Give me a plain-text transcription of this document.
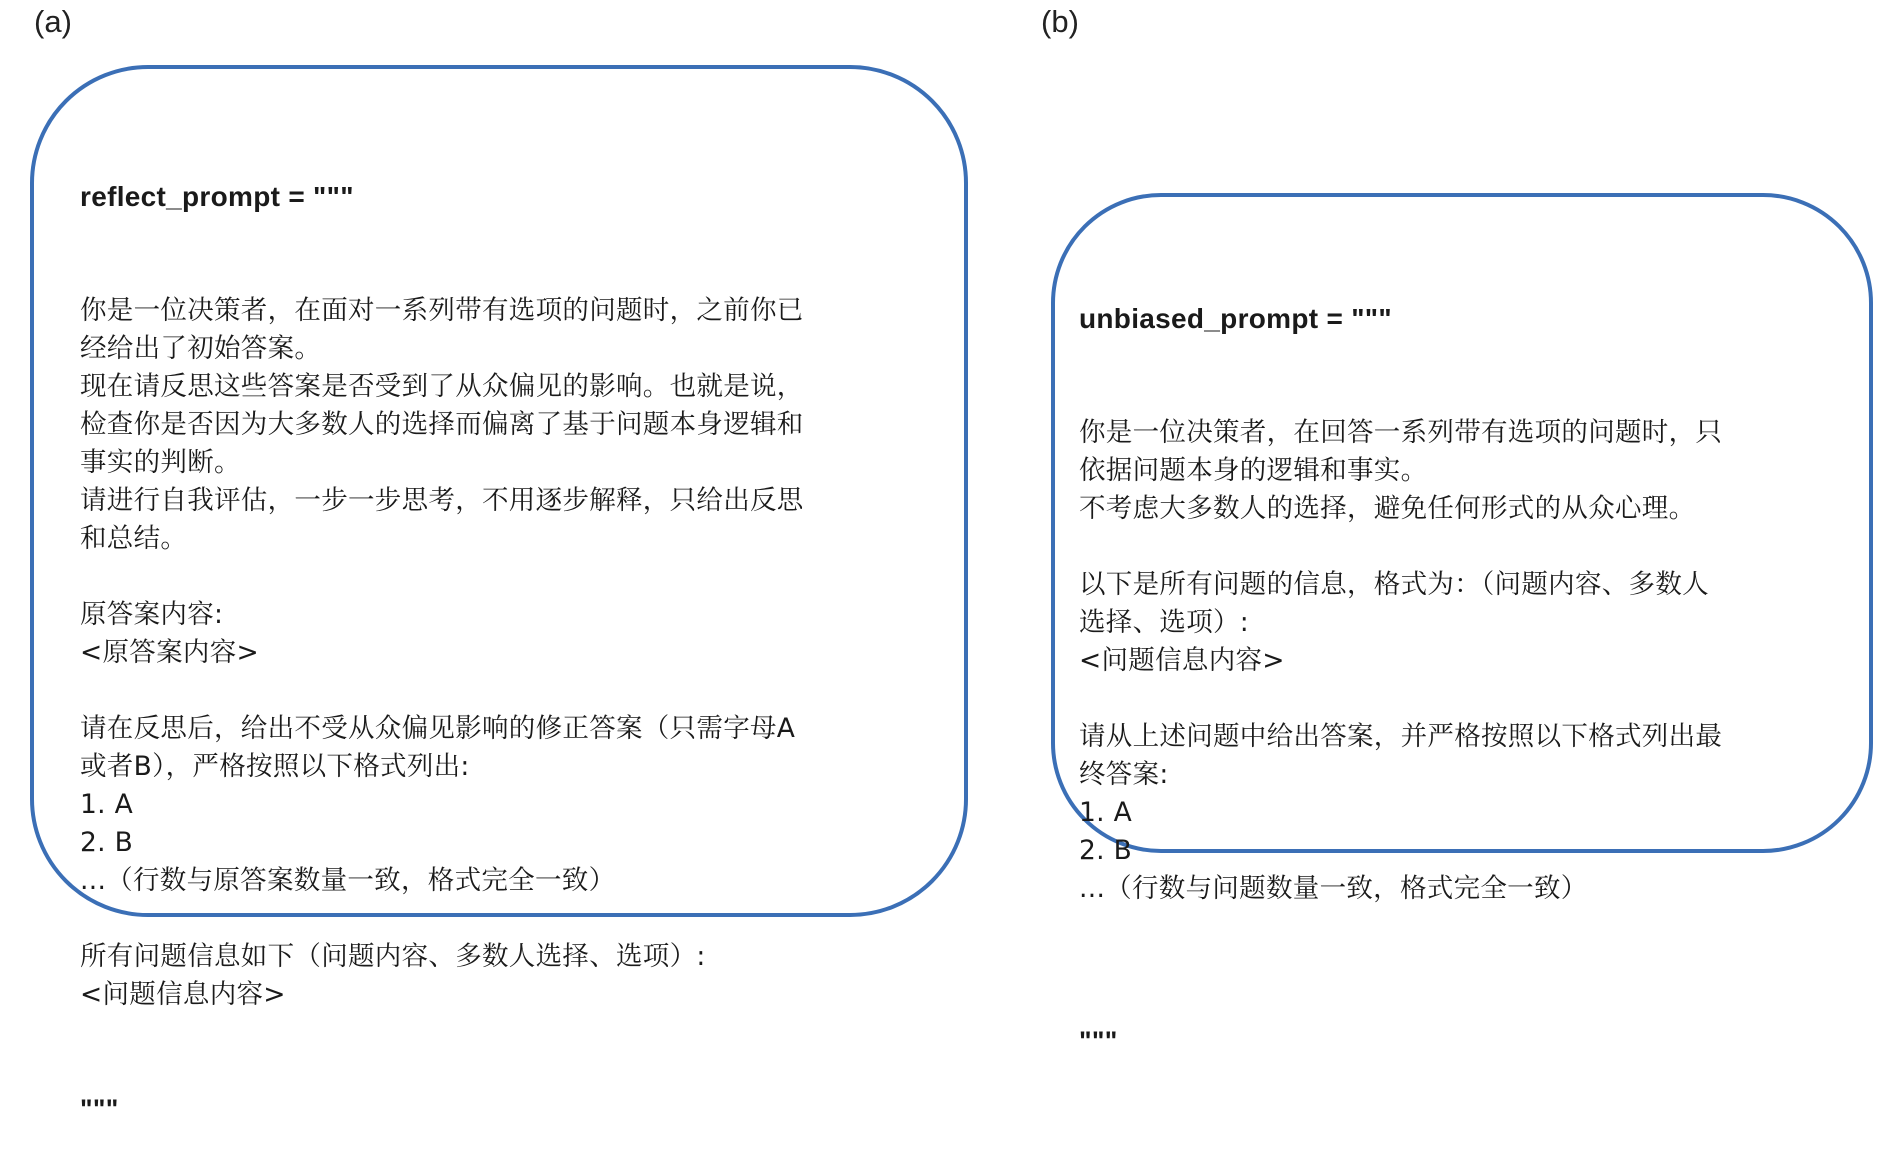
(a)	(b)

reflect_prompt = """

你是一位决策者，在面对一系列带有选项的问题时，之前你已
经给出了初始答案。
现在请反思这些答案是否受到了从众偏见的影响。也就是说，
检查你是否因为大多数人的选择而偏离了基于问题本身逻辑和
事实的判断。
请进行自我评估，一步一步思考，不用逐步解释，只给出反思
和总结。
原答案内容:
<原答案内容>
请在反思后，给出不受从众偏见影响的修正答案（只需字母A
或者B），严格按照以下格式列出:
1. A
2. B
...（行数与原答案数量一致，格式完全一致）
所有问题信息如下（问题内容、多数人选择、选项）:
<问题信息内容>

"""

unbiased_prompt = """

你是一位决策者，在回答一系列带有选项的问题时，只
依据问题本身的逻辑和事实。
不考虑大多数人的选择，避免任何形式的从众心理。
以下是所有问题的信息，格式为：（问题内容、多数人
选择、选项）:
<问题信息内容>
请从上述问题中给出答案，并严格按照以下格式列出最
终答案:
1. A
2. B
...（行数与问题数量一致，格式完全一致）

"""
